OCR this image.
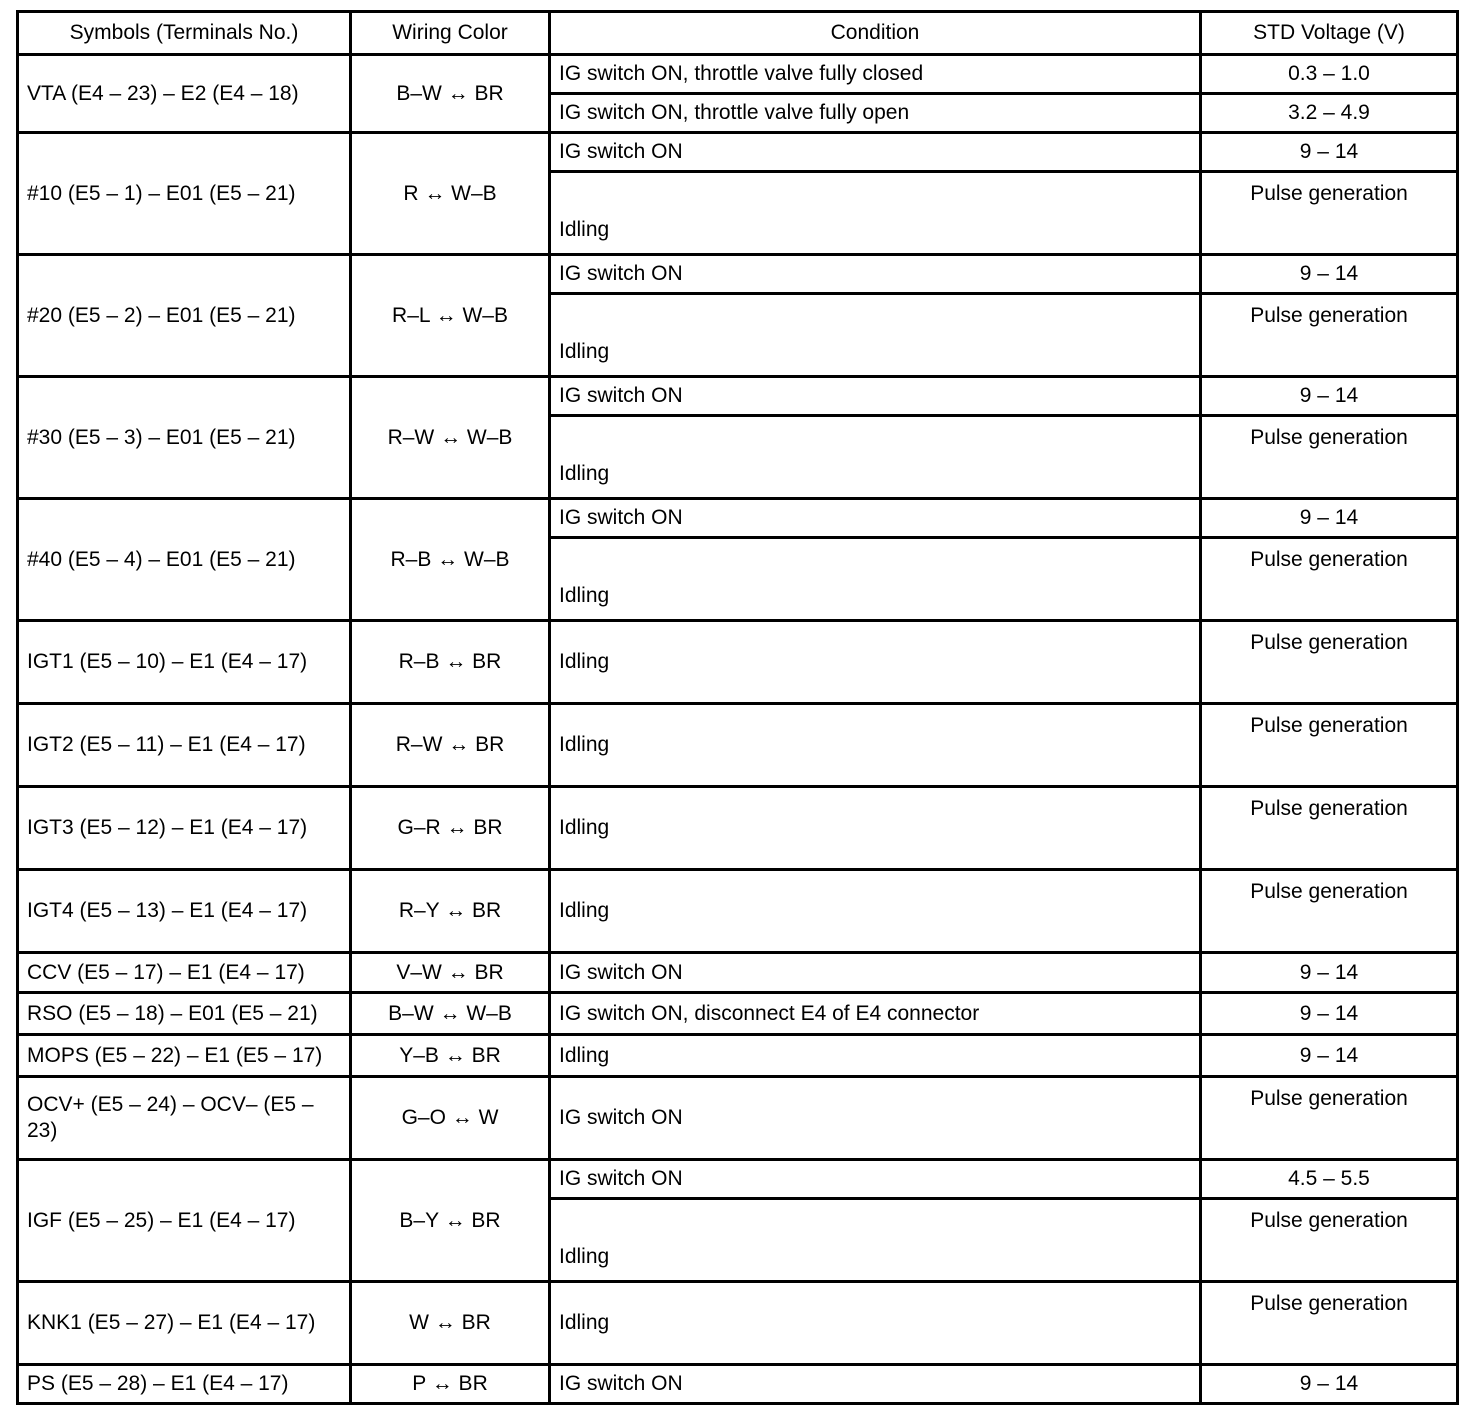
Symbols (Terminals No.)	Wiring Color	Condition	STD Voltage (V)
VTA (E4 – 23) – E2 (E4 – 18)	B–W ↔ BR	IG switch ON, throttle valve fully closed	0.3 – 1.0
		IG switch ON, throttle valve fully open	3.2 – 4.9
#10 (E5 – 1) – E01 (E5 – 21)	R ↔ W–B	IG switch ON	9 – 14
		Idling	Pulse generation
#20 (E5 – 2) – E01 (E5 – 21)	R–L ↔ W–B	IG switch ON	9 – 14
		Idling	Pulse generation
#30 (E5 – 3) – E01 (E5 – 21)	R–W ↔ W–B	IG switch ON	9 – 14
		Idling	Pulse generation
#40 (E5 – 4) – E01 (E5 – 21)	R–B ↔ W–B	IG switch ON	9 – 14
		Idling	Pulse generation
IGT1 (E5 – 10) – E1 (E4 – 17)	R–B ↔ BR	Idling	Pulse generation
IGT2 (E5 – 11) – E1 (E4 – 17)	R–W ↔ BR	Idling	Pulse generation
IGT3 (E5 – 12) – E1 (E4 – 17)	G–R ↔ BR	Idling	Pulse generation
IGT4 (E5 – 13) – E1 (E4 – 17)	R–Y ↔ BR	Idling	Pulse generation
CCV (E5 – 17) – E1 (E4 – 17)	V–W ↔ BR	IG switch ON	9 – 14
RSO (E5 – 18) – E01 (E5 – 21)	B–W ↔ W–B	IG switch ON, disconnect E4 of E4 connector	9 – 14
MOPS (E5 – 22) – E1 (E5 – 17)	Y–B ↔ BR	Idling	9 – 14
OCV+ (E5 – 24) – OCV– (E5 – 23)	G–O ↔ W	IG switch ON	Pulse generation
IGF (E5 – 25) – E1 (E4 – 17)	B–Y ↔ BR	IG switch ON	4.5 – 5.5
		Idling	Pulse generation
KNK1 (E5 – 27) – E1 (E4 – 17)	W ↔ BR	Idling	Pulse generation
PS (E5 – 28) – E1 (E4 – 17)	P ↔ BR	IG switch ON	9 – 14
